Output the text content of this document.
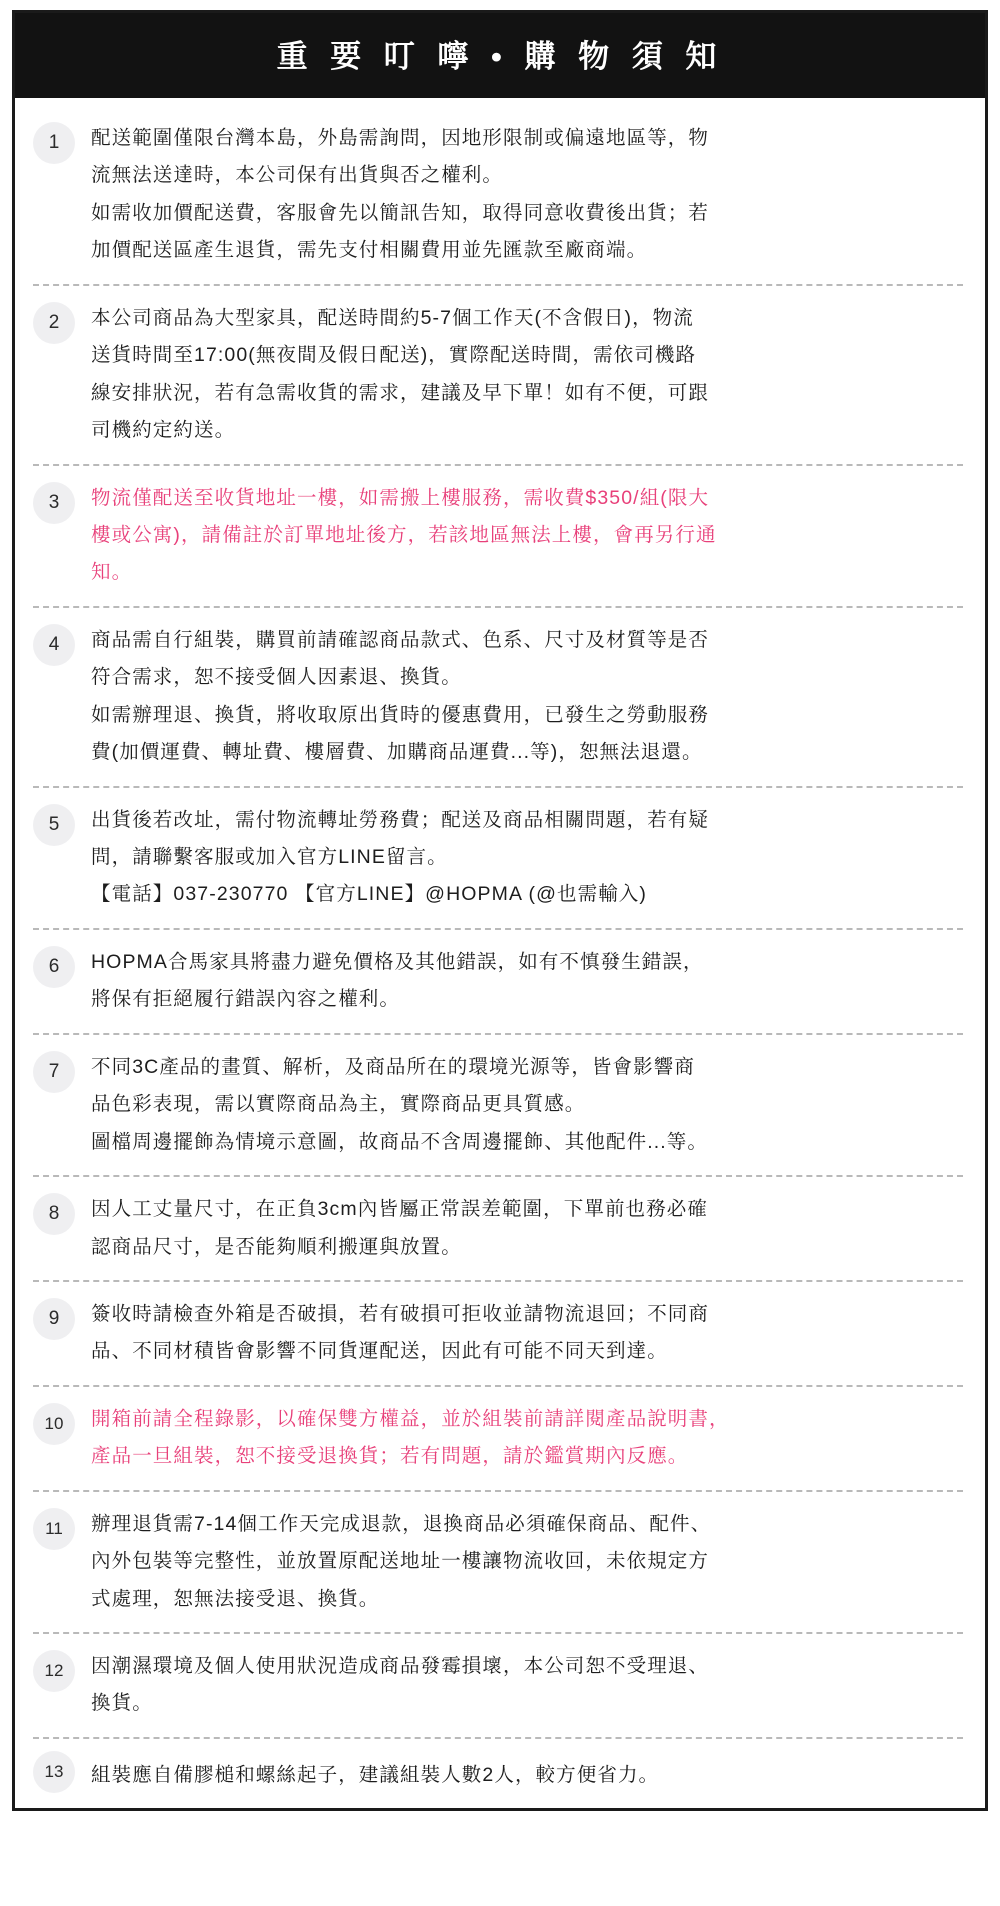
重 要 叮 嚀 • 購 物 須 知
1	配送範圍僅限台灣本島，外島需詢問，因地形限制或偏遠地區等，物

流無法送達時，本公司保有出貨與否之權利。

如需收加價配送費，客服會先以簡訊告知，取得同意收費後出貨；若

加價配送區產生退貨，需先支付相關費用並先匯款至廠商端。

2	本公司商品為大型家具，配送時間約5-7個工作天(不含假日)，物流

送貨時間至17:00(無夜間及假日配送)，實際配送時間，需依司機路

線安排狀況，若有急需收貨的需求，建議及早下單！如有不便，可跟

司機約定約送。

3	物流僅配送至收貨地址一樓，如需搬上樓服務，需收費$350/組(限大

樓或公寓)，請備註於訂單地址後方，若該地區無法上樓，會再另行通

知。

4	商品需自行組裝，購買前請確認商品款式、色系、尺寸及材質等是否

符合需求，恕不接受個人因素退、換貨。

如需辦理退、換貨，將收取原出貨時的優惠費用，已發生之勞動服務

費(加價運費、轉址費、樓層費、加購商品運費...等)，恕無法退還。

5	出貨後若改址，需付物流轉址勞務費；配送及商品相關問題，若有疑

問，請聯繫客服或加入官方LINE留言。

【電話】037-230770 【官方LINE】@HOPMA (@也需輸入)

6	HOPMA合馬家具將盡力避免價格及其他錯誤，如有不慎發生錯誤，

將保有拒絕履行錯誤內容之權利。

7	不同3C產品的畫質、解析，及商品所在的環境光源等，皆會影響商

品色彩表現，需以實際商品為主，實際商品更具質感。

圖檔周邊擺飾為情境示意圖，故商品不含周邊擺飾、其他配件...等。

8	因人工丈量尺寸，在正負3cm內皆屬正常誤差範圍，下單前也務必確

認商品尺寸，是否能夠順利搬運與放置。

9	簽收時請檢查外箱是否破損，若有破損可拒收並請物流退回；不同商

品、不同材積皆會影響不同貨運配送，因此有可能不同天到達。

10	開箱前請全程錄影，以確保雙方權益，並於組裝前請詳閱產品說明書，

產品一旦組裝，恕不接受退換貨；若有問題，請於鑑賞期內反應。

11	辦理退貨需7-14個工作天完成退款，退換商品必須確保商品、配件、

內外包裝等完整性，並放置原配送地址一樓讓物流收回，未依規定方

式處理，恕無法接受退、換貨。

12	因潮濕環境及個人使用狀況造成商品發霉損壞，本公司恕不受理退、

換貨。

13	組裝應自備膠槌和螺絲起子，建議組裝人數2人，較方便省力。
